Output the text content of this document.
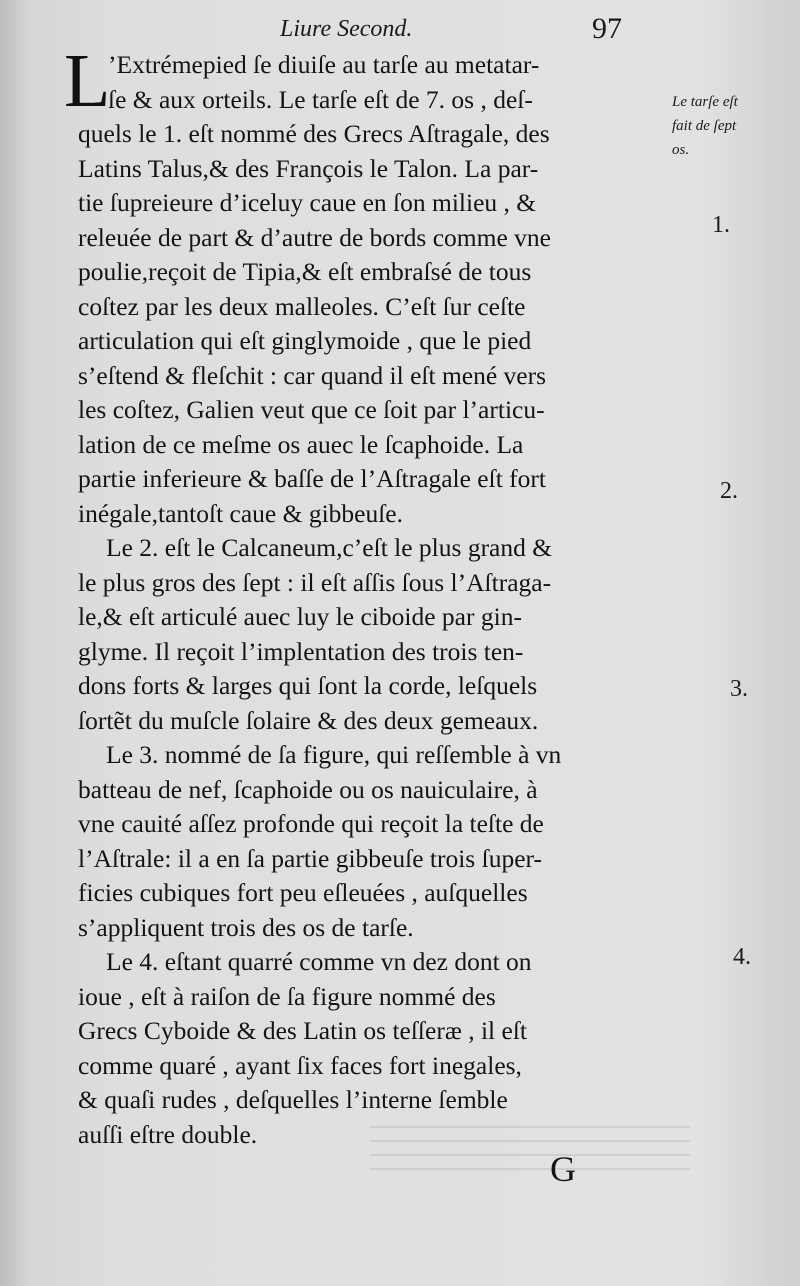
Liure Second.	97
L
’Extrémepied ſe diuiſe au tarſe au metatar-
ſe & aux orteils. Le tarſe eſt de 7. os , deſ-
quels le 1. eſt nommé des Grecs Aſtragale, des
Latins Talus,& des François le Talon. La par-
tie ſupreieure d’iceluy caue en ſon milieu , &
releuée de part & d’autre de bords comme vne
poulie,reçoit de Tipia,& eſt embraſsé de tous
coſtez par les deux malleoles. C’eſt ſur ceſte
articulation qui eſt ginglymoide , que le pied
s’eſtend & fleſchit : car quand il eſt mené vers
les coſtez, Galien veut que ce ſoit par l’articu-
lation de ce meſme os auec le ſcaphoide. La
partie inferieure & baſſe de l’Aſtragale eſt fort
inégale,tantoſt caue & gibbeuſe.
Le 2. eſt le Calcaneum,c’eſt le plus grand &
le plus gros des ſept : il eſt aſſis ſous l’Aſtraga-
le,& eſt articulé auec luy le ciboide par gin-
glyme. Il reçoit l’implentation des trois ten-
dons forts & larges qui ſont la corde, leſquels
ſortẽt du muſcle ſolaire & des deux gemeaux.
Le 3. nommé de ſa figure, qui reſſemble à vn
batteau de nef, ſcaphoide ou os nauiculaire, à
vne cauité aſſez profonde qui reçoit la teſte de
l’Aſtrale: il a en ſa partie gibbeuſe trois ſuper-
ficies cubiques fort peu eſleuées , auſquelles
s’appliquent trois des os de tarſe.
Le 4. eſtant quarré comme vn dez dont on
ioue , eſt à raiſon de ſa figure nommé des
Grecs Cyboide & des Latin os teſſeræ , il eſt
comme quaré , ayant ſix faces fort inegales,
& quaſi rudes , deſquelles l’interne ſemble
auſſi eſtre double.
Le tarſe eſt
fait de ſept
os.
1.
2.
3.
4.
G
